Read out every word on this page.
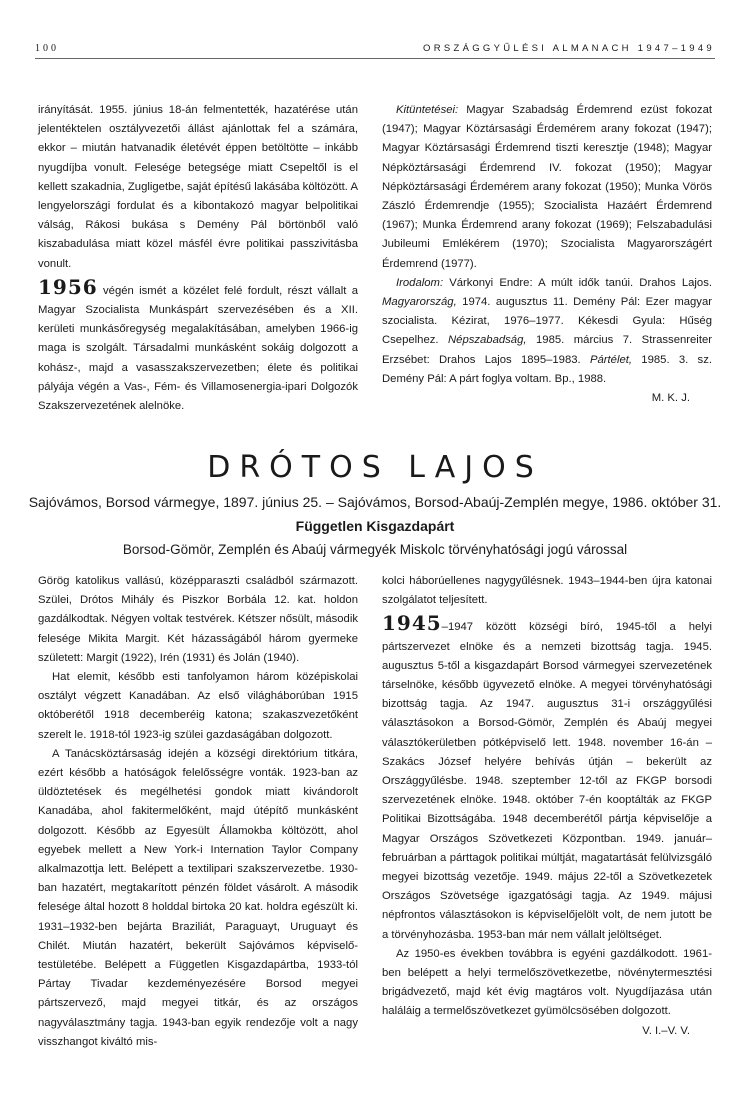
100	ORSZÁGGYŰLÉSI ALMANACH 1947–1949

irányítását. 1955. június 18-án felmentették, hazatérése után jelentéktelen osztályvezetői állást ajánlottak fel a számára, ekkor – miután hatvanadik életévét éppen betöltötte – inkább nyugdíjba vonult. Felesége betegsége miatt Csepeltől is el kellett szakadnia, Zugligetbe, saját építésű lakásába költözött. A lengyelországi fordulat és a kibontakozó magyar belpolitikai válság, Rákosi bukása s Demény Pál börtönből való kiszabadulása miatt közel másfél évre politikai passzivitásba vonult.

1956 végén ismét a közélet felé fordult, részt vállalt a Magyar Szocialista Munkáspárt szervezésében és a XII. kerületi munkásőregység megalakításában, amelyben 1966-ig maga is szolgált. Társadalmi munkásként sokáig dolgozott a kohász-, majd a vasasszakszervezetben; élete és politikai pályája végén a Vas-, Fém- és Villamosenergia-ipari Dolgozók Szakszervezetének alelnöke.

Kitüntetései: Magyar Szabadság Érdemrend ezüst fokozat (1947); Magyar Köztársasági Érdemérem arany fokozat (1947); Magyar Köztársasági Érdemrend tiszti keresztje (1948); Magyar Népköztársasági Érdemrend IV. fokozat (1950); Magyar Népköztársasági Érdemérem arany fokozat (1950); Munka Vörös Zászló Érdemrendje (1955); Szocialista Hazáért Érdemrend (1967); Munka Érdemrend arany fokozat (1969); Felszabadulási Jubileumi Emlékérem (1970); Szocialista Magyarországért Érdemrend (1977).

Irodalom: Várkonyi Endre: A múlt idők tanúi. Drahos Lajos. Magyarország, 1974. augusztus 11. Demény Pál: Ezer magyar szocialista. Kézirat, 1976–1977. Kékesdi Gyula: Hűség Csepelhez. Népszabadság, 1985. március 7. Strassenreiter Erzsébet: Drahos Lajos 1895–1983. Pártélet, 1985. 3. sz. Demény Pál: A párt foglya voltam. Bp., 1988.

M. K. J.

DRÓTOS LAJOS
Sajóvámos, Borsod vármegye, 1897. június 25. – Sajóvámos, Borsod-Abaúj-Zemplén megye, 1986. október 31.
Független Kisgazdapárt
Borsod-Gömör, Zemplén és Abaúj vármegyék Miskolc törvényhatósági jogú várossal

Görög katolikus vallású, középparaszti családból származott. Szülei, Drótos Mihály és Piszkor Borbála 12. kat. holdon gazdálkodtak. Négyen voltak testvérek. Kétszer nősült, második felesége Mikita Margit. Két házasságából három gyermeke született: Margit (1922), Irén (1931) és Jolán (1940).

Hat elemit, később esti tanfolyamon három középiskolai osztályt végzett Kanadában. Az első világháborúban 1915 októberétől 1918 decemberéig katona; szakaszvezetőként szerelt le. 1918-tól 1923-ig szülei gazdaságában dolgozott.

A Tanácsköztársaság idején a községi direktórium titkára, ezért később a hatóságok felelősségre vonták. 1923-ban az üldöztetések és megélhetési gondok miatt kivándorolt Kanadába, ahol fakitermelőként, majd útépítő munkásként dolgozott. Később az Egyesült Államokba költözött, ahol egyebek mellett a New York-i Internation Taylor Company alkalmazottja lett. Belépett a textilipari szakszervezetbe. 1930-ban hazatért, megtakarított pénzén földet vásárolt. A második felesége által hozott 8 holddal birtoka 20 kat. holdra egészült ki. 1931–1932-ben bejárta Braziliát, Paraguayt, Uruguayt és Chilét. Miután hazatért, bekerült Sajóvámos képviselő-testületébe. Belépett a Független Kisgazdapártba, 1933-tól Pártay Tivadar kezdeményezésére Borsod megyei pártszervező, majd megyei titkár, és az országos nagyválasztmány tagja. 1943-ban egyik rendezője volt a nagy visszhangot kiváltó mis-

kolci háborúellenes nagygyűlésnek. 1943–1944-ben újra katonai szolgálatot teljesített.

1945–1947 között községi bíró, 1945-től a helyi pártszervezet elnöke és a nemzeti bizottság tagja. 1945. augusztus 5-től a kisgazdapárt Borsod vármegyei szervezetének társelnöke, később ügyvezető elnöke. A megyei törvényhatósági bizottság tagja. Az 1947. augusztus 31-i országgyűlési választásokon a Borsod-Gömör, Zemplén és Abaúj megyei választókerületben pótképviselő lett. 1948. november 16-án – Szakács József helyére behívás útján – bekerült az Országgyűlésbe. 1948. szeptember 12-től az FKGP borsodi szervezetének elnöke. 1948. október 7-én kooptálták az FKGP Politikai Bizottságába. 1948 decemberétől pártja képviselője a Magyar Országos Szövetkezeti Központban. 1949. január–februárban a párttagok politikai múltját, magatartását felülvizsgáló megyei bizottság vezetője. 1949. május 22-től a Szövetkezetek Országos Szövetsége igazgatósági tagja. Az 1949. májusi népfrontos választásokon is képviselőjelölt volt, de nem jutott be a törvényhozásba. 1953-ban már nem vállalt jelöltséget.

Az 1950-es években továbbra is egyéni gazdálkodott. 1961-ben belépett a helyi termelőszövetkezetbe, növénytermesztési brigádvezető, majd két évig magtáros volt. Nyugdíjazása után haláláig a termelőszövetkezet gyümölcsösében dolgozott.

V. I.–V. V.
